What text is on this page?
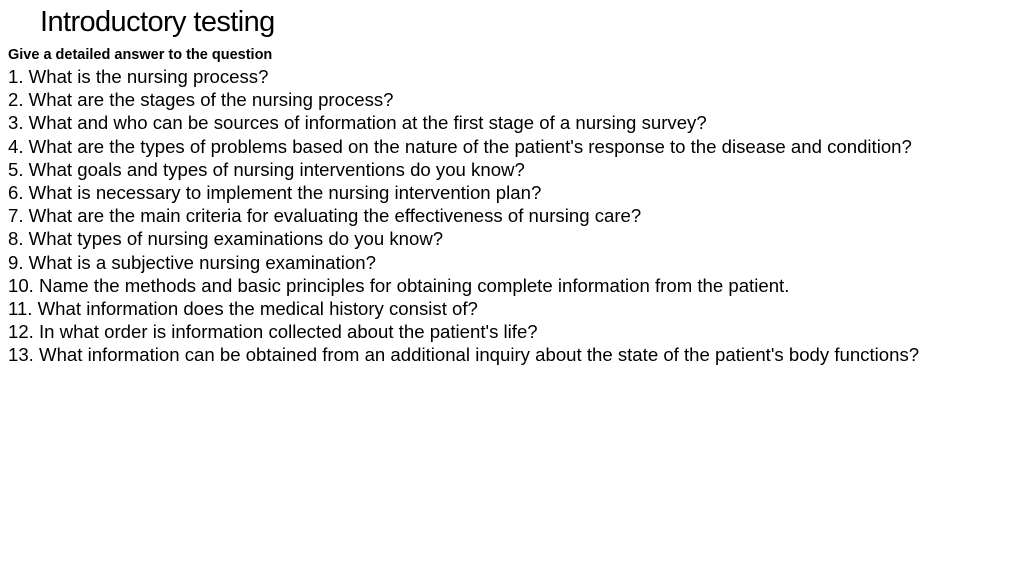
Introductory testing

Give a detailed answer to the question

1. What is the nursing process?
2. What are the stages of the nursing process?
3. What and who can be sources of information at the first stage of a nursing survey?
4. What are the types of problems based on the nature of the patient's response to the disease and condition?
5. What goals and types of nursing interventions do you know?
6. What is necessary to implement the nursing intervention plan?
7. What are the main criteria for evaluating the effectiveness of nursing care?
8. What types of nursing examinations do you know?
9. What is a subjective nursing examination?
10. Name the methods and basic principles for obtaining complete information from the patient.
11. What information does the medical history consist of?
12. In what order is information collected about the patient's life?
13. What information can be obtained from an additional inquiry about the state of the patient's body functions?
